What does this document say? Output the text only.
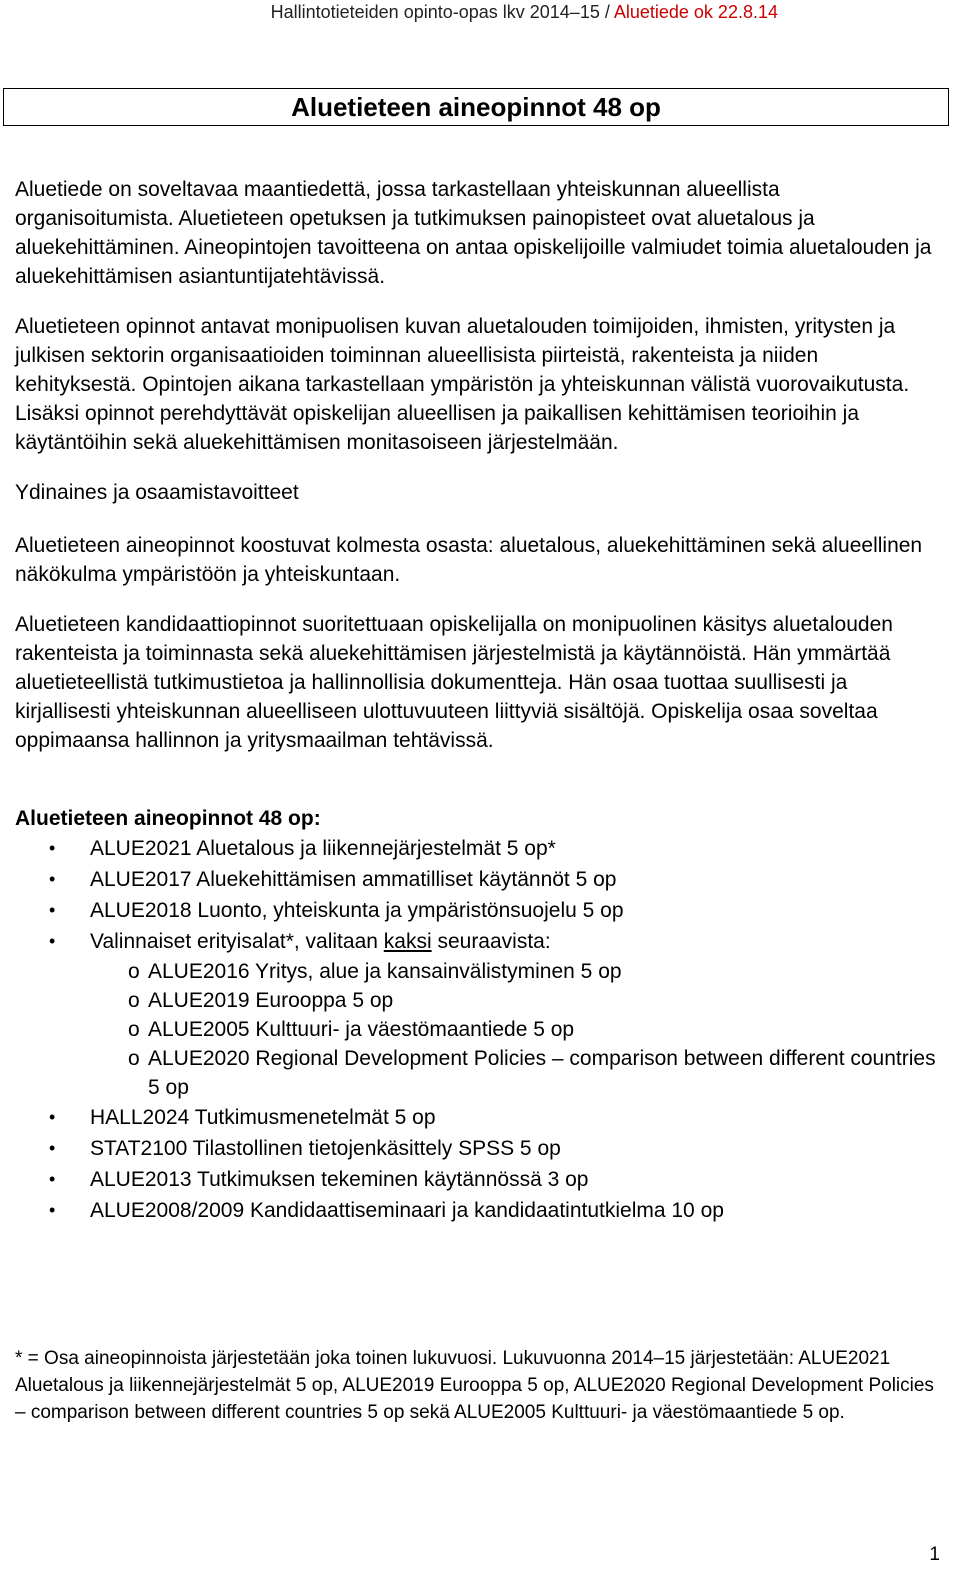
Hallintotieteiden opinto-opas lkv 2014–15 / Aluetiede ok 22.8.14
Aluetieteen aineopinnot 48 op

Aluetiede on soveltavaa maantiedettä, jossa tarkastellaan yhteiskunnan alueellista organisoitumista. Aluetieteen opetuksen ja tutkimuksen painopisteet ovat aluetalous ja aluekehittäminen. Aineopintojen tavoitteena on antaa opiskelijoille valmiudet toimia aluetalouden ja aluekehittämisen asiantuntijatehtävissä.

Aluetieteen opinnot antavat monipuolisen kuvan aluetalouden toimijoiden, ihmisten, yritysten ja julkisen sektorin organisaatioiden toiminnan alueellisista piirteistä, rakenteista ja niiden kehityksestä. Opintojen aikana tarkastellaan ympäristön ja yhteiskunnan välistä vuorovaikutusta. Lisäksi opinnot perehdyttävät opiskelijan alueellisen ja paikallisen kehittämisen teorioihin ja käytäntöihin sekä aluekehittämisen monitasoiseen järjestelmään.

Ydinaines ja osaamistavoitteet

Aluetieteen aineopinnot koostuvat kolmesta osasta: aluetalous, aluekehittäminen sekä alueellinen näkökulma ympäristöön ja yhteiskuntaan.

Aluetieteen kandidaattiopinnot suoritettuaan opiskelijalla on monipuolinen käsitys aluetalouden rakenteista ja toiminnasta sekä aluekehittämisen järjestelmistä ja käytännöistä. Hän ymmärtää aluetieteellistä tutkimustietoa ja hallinnollisia dokumentteja. Hän osaa tuottaa suullisesti ja kirjallisesti yhteiskunnan alueelliseen ulottuvuuteen liittyviä sisältöjä. Opiskelija osaa soveltaa oppimaansa hallinnon ja yritysmaailman tehtävissä.

Aluetieteen aineopinnot 48 op:
• ALUE2021 Aluetalous ja liikennejärjestelmät 5 op*
• ALUE2017 Aluekehittämisen ammatilliset käytännöt 5 op
• ALUE2018 Luonto, yhteiskunta ja ympäristönsuojelu 5 op
• Valinnaiset erityisalat*, valitaan kaksi seuraavista:
o ALUE2016 Yritys, alue ja kansainvälistyminen 5 op
o ALUE2019 Eurooppa 5 op
o ALUE2005 Kulttuuri- ja väestömaantiede 5 op
o ALUE2020 Regional Development Policies – comparison between different countries 5 op
• HALL2024 Tutkimusmenetelmät 5 op
• STAT2100 Tilastollinen tietojenkäsittely SPSS 5 op
• ALUE2013 Tutkimuksen tekeminen käytännössä 3 op
• ALUE2008/2009 Kandidaattiseminaari ja kandidaatintutkielma 10 op
* = Osa aineopinnoista järjestetään joka toinen lukuvuosi. Lukuvuonna 2014–15 järjestetään: ALUE2021 Aluetalous ja liikennejärjestelmät 5 op, ALUE2019 Eurooppa 5 op, ALUE2020 Regional Development Policies – comparison between different countries 5 op sekä ALUE2005 Kulttuuri- ja väestömaantiede 5 op.
1
